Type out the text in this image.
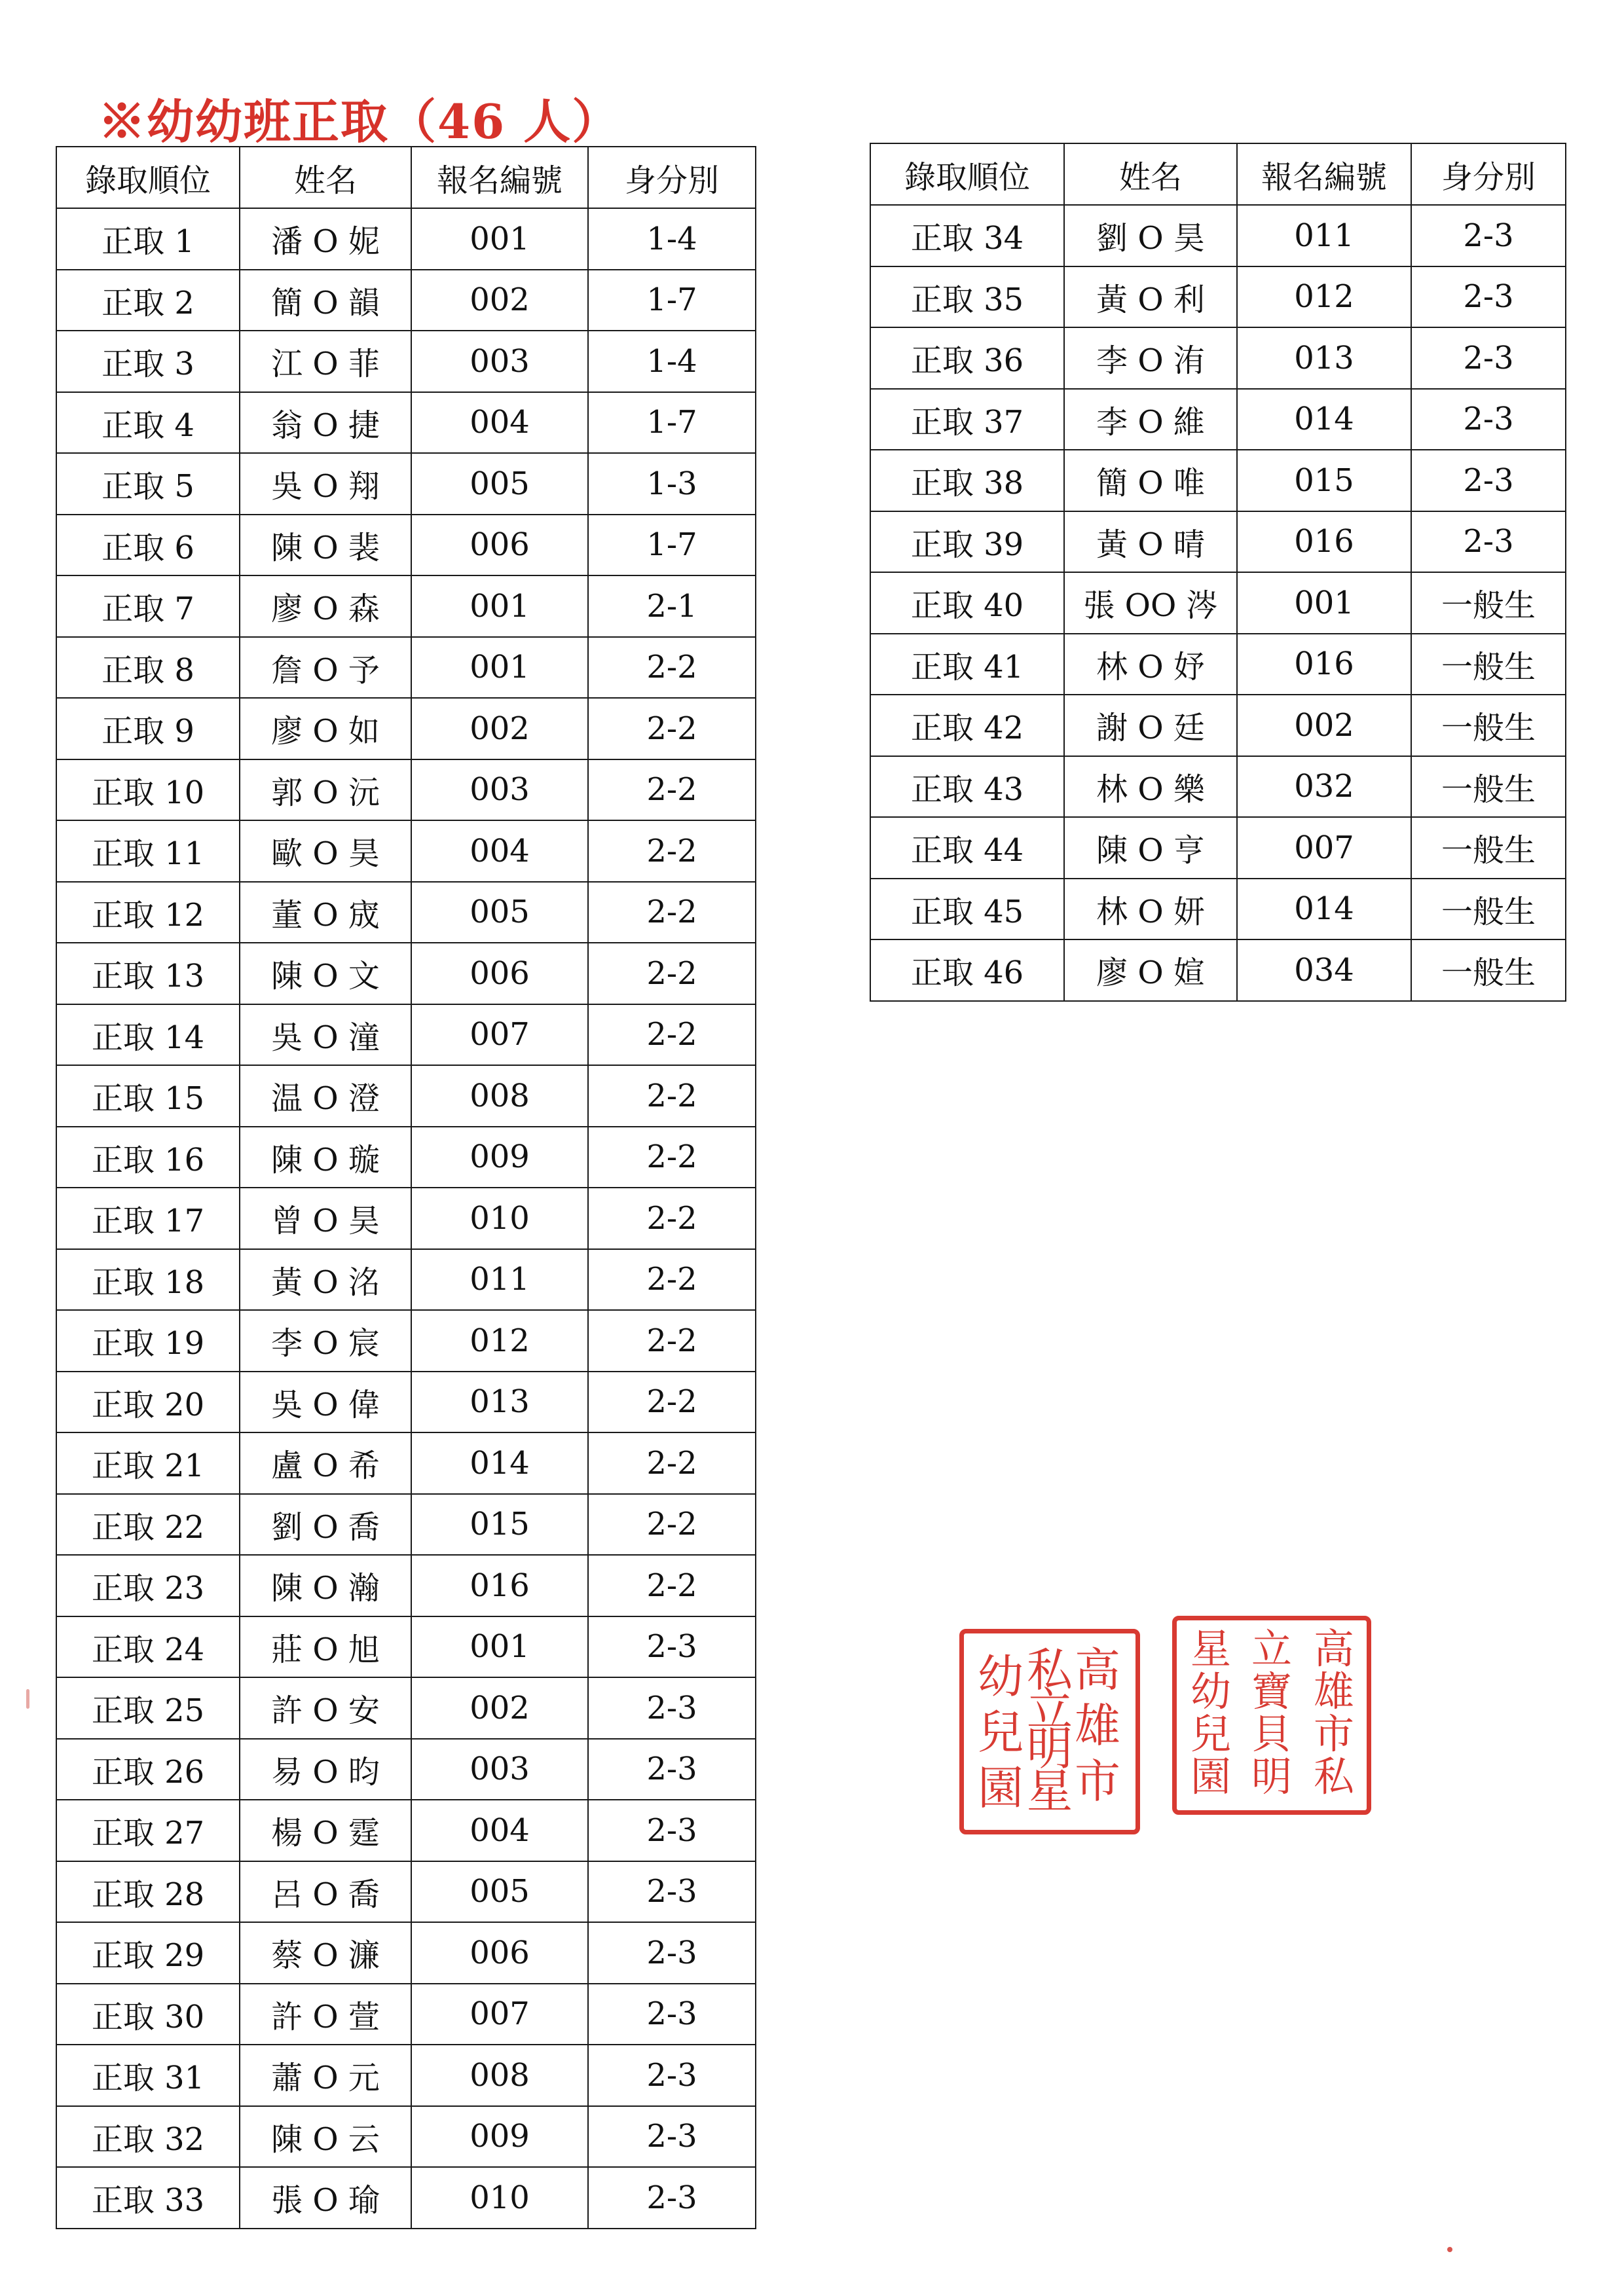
※幼幼班正取（46 人）
錄取順位	姓名	報名編號	身分別
正取 1	潘 O 妮	001	1-4
正取 2	簡 O 韻	002	1-7
正取 3	江 O 菲	003	1-4
正取 4	翁 O 捷	004	1-7
正取 5	吳 O 翔	005	1-3
正取 6	陳 O 裴	006	1-7
正取 7	廖 O 森	001	2-1
正取 8	詹 O 予	001	2-2
正取 9	廖 O 如	002	2-2
正取 10	郭 O 沅	003	2-2
正取 11	歐 O 昊	004	2-2
正取 12	董 O 宬	005	2-2
正取 13	陳 O 文	006	2-2
正取 14	吳 O 潼	007	2-2
正取 15	温 O 澄	008	2-2
正取 16	陳 O 璇	009	2-2
正取 17	曾 O 昊	010	2-2
正取 18	黃 O 洺	011	2-2
正取 19	李 O 宸	012	2-2
正取 20	吳 O 偉	013	2-2
正取 21	盧 O 希	014	2-2
正取 22	劉 O 喬	015	2-2
正取 23	陳 O 瀚	016	2-2
正取 24	莊 O 旭	001	2-3
正取 25	許 O 安	002	2-3
正取 26	易 O 昀	003	2-3
正取 27	楊 O 霆	004	2-3
正取 28	呂 O 喬	005	2-3
正取 29	蔡 O 濂	006	2-3
正取 30	許 O 萱	007	2-3
正取 31	蕭 O 元	008	2-3
正取 32	陳 O 云	009	2-3
正取 33	張 O 瑜	010	2-3
錄取順位	姓名	報名編號	身分別
正取 34	劉 O 昊	011	2-3
正取 35	黃 O 利	012	2-3
正取 36	李 O 洧	013	2-3
正取 37	李 O 維	014	2-3
正取 38	簡 O 唯	015	2-3
正取 39	黃 O 晴	016	2-3
正取 40	張 OO 涔	001	一般生
正取 41	林 O 妤	016	一般生
正取 42	謝 O 廷	002	一般生
正取 43	林 O 樂	032	一般生
正取 44	陳 O 亨	007	一般生
正取 45	林 O 妍	014	一般生
正取 46	廖 O 媗	034	一般生
高
雄
市
私
立
明
星
幼
兒
園
高
雄
市
私
立
寶
貝
明
星
幼
兒
園
